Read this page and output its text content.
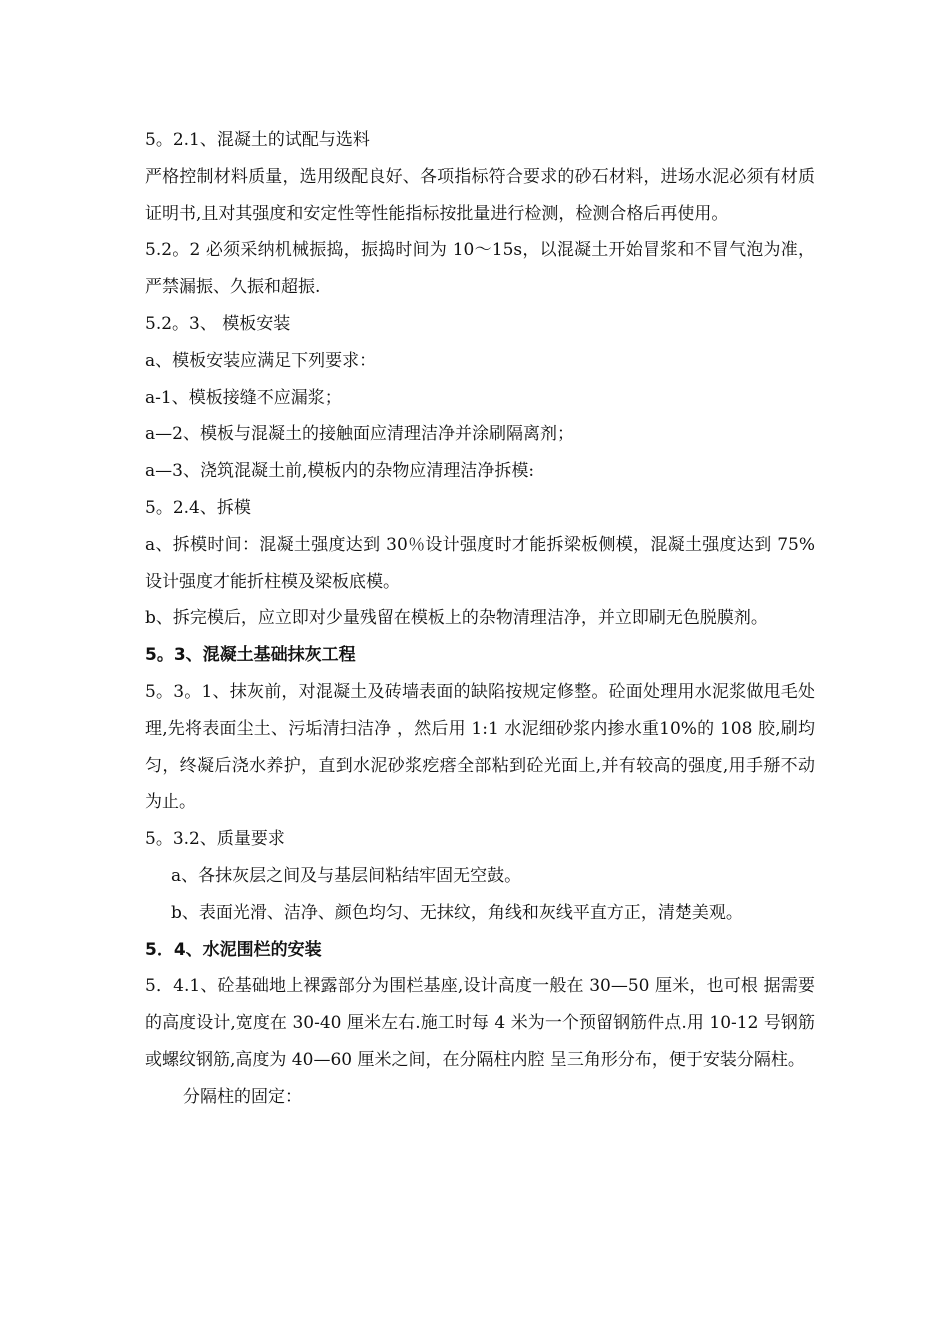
5。2.1、混凝土的试配与选料

严格控制材料质量，选用级配良好、各项指标符合要求的砂石材料，进场水泥必须有材质证明书,且对其强度和安定性等性能指标按批量进行检测，检测合格后再使用。

5.2。2 必须采纳机械振捣，振捣时间为 10～15s，以混凝土开始冒浆和不冒气泡为准，严禁漏振、久振和超振.

5.2。3、 模板安装

a、模板安装应满足下列要求：

a-1、模板接缝不应漏浆；

a—2、模板与混凝土的接触面应清理洁净并涂刷隔离剂；

a—3、浇筑混凝土前,模板内的杂物应清理洁净拆模:

5。2.4、拆模

a、拆模时间：混凝土强度达到 30％设计强度时才能拆梁板侧模，混凝土强度达到 75%设计强度才能折柱模及梁板底模。

b、拆完模后，应立即对少量残留在模板上的杂物清理洁净，并立即刷无色脱膜剂。

5。3、混凝土基础抹灰工程

5。3。1、抹灰前，对混凝土及砖墙表面的缺陷按规定修整。砼面处理用水泥浆做甩毛处理,先将表面尘土、污垢清扫洁净 ，然后用 1:1 水泥细砂浆内掺水重10%的 108 胶,刷均匀，终凝后浇水养护，直到水泥砂浆疙瘩全部粘到砼光面上,并有较高的强度,用手掰不动为止。

5。3.2、质量要求

a、各抹灰层之间及与基层间粘结牢固无空鼓。

b、表面光滑、洁净、颜色均匀、无抹纹，角线和灰线平直方正，清楚美观。

5．4、水泥围栏的安装

5．4.1、砼基础地上裸露部分为围栏基座,设计高度一般在 30—50 厘米，也可根 据需要的高度设计,宽度在 30-40 厘米左右.施工时每 4 米为一个预留钢筋件点.用 10-12 号钢筋或螺纹钢筋,高度为 40—60 厘米之间，在分隔柱内腔 呈三角形分布，便于安装分隔柱。

分隔柱的固定：
